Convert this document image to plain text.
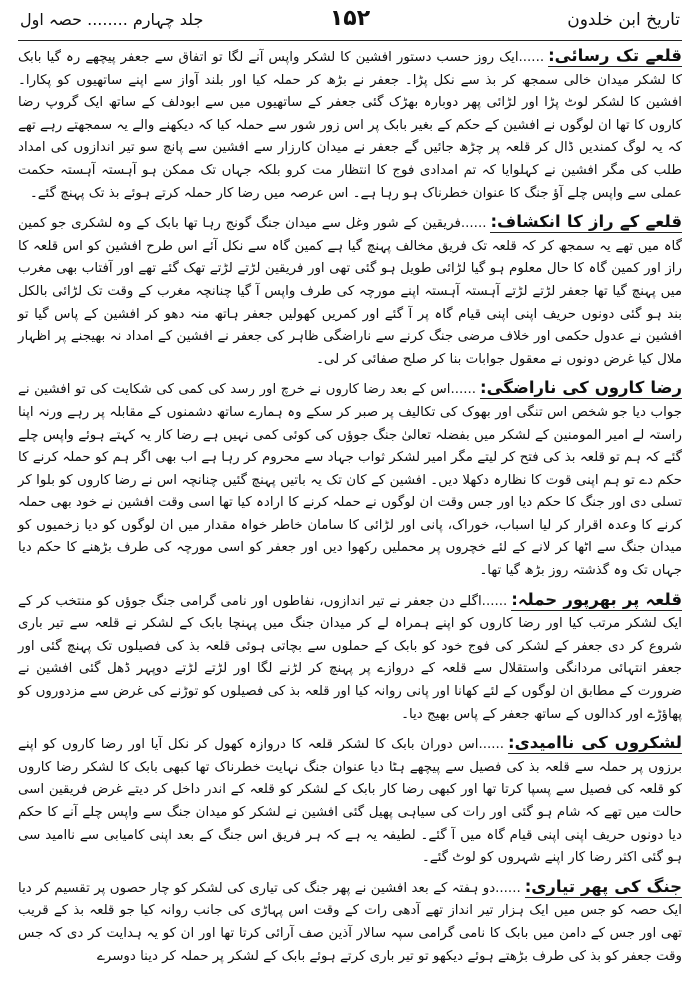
تاریخ ابن خلدون
۱۵۲
جلد چہارم ........ حصہ اول

قلعے تک رسائی:......ایک روز حسب دستور افشین کا لشکر واپس آنے لگا تو اتفاق سے جعفر پیچھے رہ گیا بابک کا لشکر میدان خالی سمجھ کر بذ سے نکل پڑا۔ جعفر نے بڑھ کر حملہ کیا اور بلند آواز سے اپنے ساتھیوں کو پکارا۔ افشین کا لشکر لوٹ پڑا اور لڑائی پھر دوبارہ بھڑک گئی جعفر کے ساتھیوں میں سے ابودلف کے ساتھ ایک گروپ رضا کاروں کا تھا ان لوگوں نے افشین کے حکم کے بغیر بابک پر اس زور شور سے حملہ کیا کہ دیکھنے والے یہ سمجھتے رہے تھے کہ یہ لوگ کمندیں ڈال کر قلعہ پر چڑھ جائیں گے جعفر نے میدان کارزار سے افشین سے پانچ سو تیر اندازوں کی امداد طلب کی مگر افشین نے کہلوایا کہ تم امدادی فوج کا انتظار مت کرو بلکہ جہاں تک ممکن ہو آہستہ آہستہ حکمت عملی سے واپس چلے آؤ جنگ کا عنوان خطرناک ہو رہا ہے۔ اس عرصہ میں رضا کار حملہ کرتے ہوئے بذ تک پہنچ گئے۔

قلعے کے راز کا انکشاف:......فریقین کے شور وغل سے میدان جنگ گونج رہا تھا بابک کے وہ لشکری جو کمین گاہ میں تھے یہ سمجھ کر کہ قلعہ تک فریق مخالف پہنچ گیا ہے کمین گاہ سے نکل آئے اس طرح افشین کو اس قلعہ کا راز اور کمین گاہ کا حال معلوم ہو گیا لڑائی طویل ہو گئی تھی اور فریقین لڑتے لڑتے تھک گئے تھے اور آفتاب بھی مغرب میں پہنچ گیا تھا جعفر لڑتے لڑتے آہستہ آہستہ اپنے مورچہ کی طرف واپس آ گیا چنانچہ مغرب کے وقت تک لڑائی بالکل بند ہو گئی دونوں حریف اپنی اپنی قیام گاہ پر آ گئے اور کمریں کھولیں جعفر ہاتھ منہ دھو کر افشین کے پاس گیا تو افشین نے عدول حکمی اور خلاف مرضی جنگ کرنے سے ناراضگی ظاہر کی جعفر نے افشین کے امداد نہ بھیجنے پر اظہار ملال کیا غرض دونوں نے معقول جوابات بنا کر صلح صفائی کر لی۔

رضا کاروں کی ناراضگی:......اس کے بعد رضا کاروں نے خرچ اور رسد کی کمی کی شکایت کی تو افشین نے جواب دیا جو شخص اس تنگی اور بھوک کی تکالیف پر صبر کر سکے وہ ہمارے ساتھ دشمنوں کے مقابلہ پر رہے ورنہ اپنا راستہ لے امیر المومنین کے لشکر میں بفضلہ تعالیٰ جنگ جوؤں کی کوئی کمی نہیں ہے رضا کار یہ کہتے ہوئے واپس چلے گئے کہ ہم تو قلعہ بذ کی فتح کر لیتے مگر امیر لشکر ثواب جہاد سے محروم کر رہا ہے اب بھی اگر ہم کو حملہ کرنے کا حکم دے تو ہم اپنی قوت کا نظارہ دکھلا دیں۔ افشین کے کان تک یہ باتیں پہنچ گئیں چنانچہ اس نے رضا کاروں کو بلوا کر تسلی دی اور جنگ کا حکم دیا اور جس وقت ان لوگوں نے حملہ کرنے کا ارادہ کیا تھا اسی وقت افشین نے خود بھی حملہ کرنے کا وعدہ اقرار کر لیا اسباب، خوراک، پانی اور لڑائی کا سامان خاطر خواہ مقدار میں ان لوگوں کو دیا زخمیوں کو میدان جنگ سے اٹھا کر لانے کے لئے خچروں پر محملیں رکھوا دیں اور جعفر کو اسی مورچہ کی طرف بڑھنے کا حکم دیا جہاں تک وہ گذشتہ روز بڑھ گیا تھا۔

قلعہ پر بھرپور حملہ:......اگلے دن جعفر نے تیر اندازوں، نفاطوں اور نامی گرامی جنگ جوؤں کو منتخب کر کے ایک لشکر مرتب کیا اور رضا کاروں کو اپنے ہمراہ لے کر میدان جنگ میں پہنچا بابک کے لشکر نے قلعہ سے تیر باری شروع کر دی جعفر کے لشکر کی فوج خود کو بابک کے حملوں سے بچاتی ہوئی قلعہ بذ کی فصیلوں تک پہنچ گئی اور جعفر انتہائی مردانگی واستقلال سے قلعہ کے دروازے پر پہنچ کر لڑنے لگا اور لڑتے لڑتے دوپہر ڈھل گئی افشین نے ضرورت کے مطابق ان لوگوں کے لئے کھانا اور پانی روانہ کیا اور قلعہ بذ کی فصیلوں کو توڑنے کی غرض سے مزدوروں کو پھاؤڑے اور کدالوں کے ساتھ جعفر کے پاس بھیج دیا۔

لشکروں کی ناامیدی:......اس دوران بابک کا لشکر قلعہ کا دروازہ کھول کر نکل آیا اور رضا کاروں کو اپنے برزوں پر حملہ سے قلعہ بذ کی فصیل سے پیچھے ہٹا دیا عنوان جنگ نہایت خطرناک تھا کبھی بابک کا لشکر رضا کاروں کو قلعہ کی فصیل سے پسپا کرتا تھا اور کبھی رضا کار بابک کے لشکر کو قلعہ کے اندر داخل کر دیتے غرض فریقین اسی حالت میں تھے کہ شام ہو گئی اور رات کی سیاہی پھیل گئی افشین نے لشکر کو میدان جنگ سے واپس چلے آنے کا حکم دیا دونوں حریف اپنی اپنی قیام گاہ میں آ گئے۔ لطیفہ یہ ہے کہ ہر فریق اس جنگ کے بعد اپنی کامیابی سے ناامید سی ہو گئی اکثر رضا کار اپنے شہروں کو لوٹ گئے۔

جنگ کی پھر تیاری:......دو ہفتہ کے بعد افشین نے پھر جنگ کی تیاری کی لشکر کو چار حصوں پر تقسیم کر دیا ایک حصہ کو جس میں ایک ہزار تیر انداز تھے آدھی رات کے وقت اس پہاڑی کی جانب روانہ کیا جو قلعہ بذ کے قریب تھی اور جس کے دامن میں بابک کا نامی گرامی سپہ سالار آذین صف آرائی کرتا تھا اور ان کو یہ ہدایت کر دی کہ جس وقت جعفر کو بذ کی طرف بڑھتے ہوئے دیکھو تو تیر باری کرتے ہوئے بابک کے لشکر پر حملہ کر دینا دوسرے
